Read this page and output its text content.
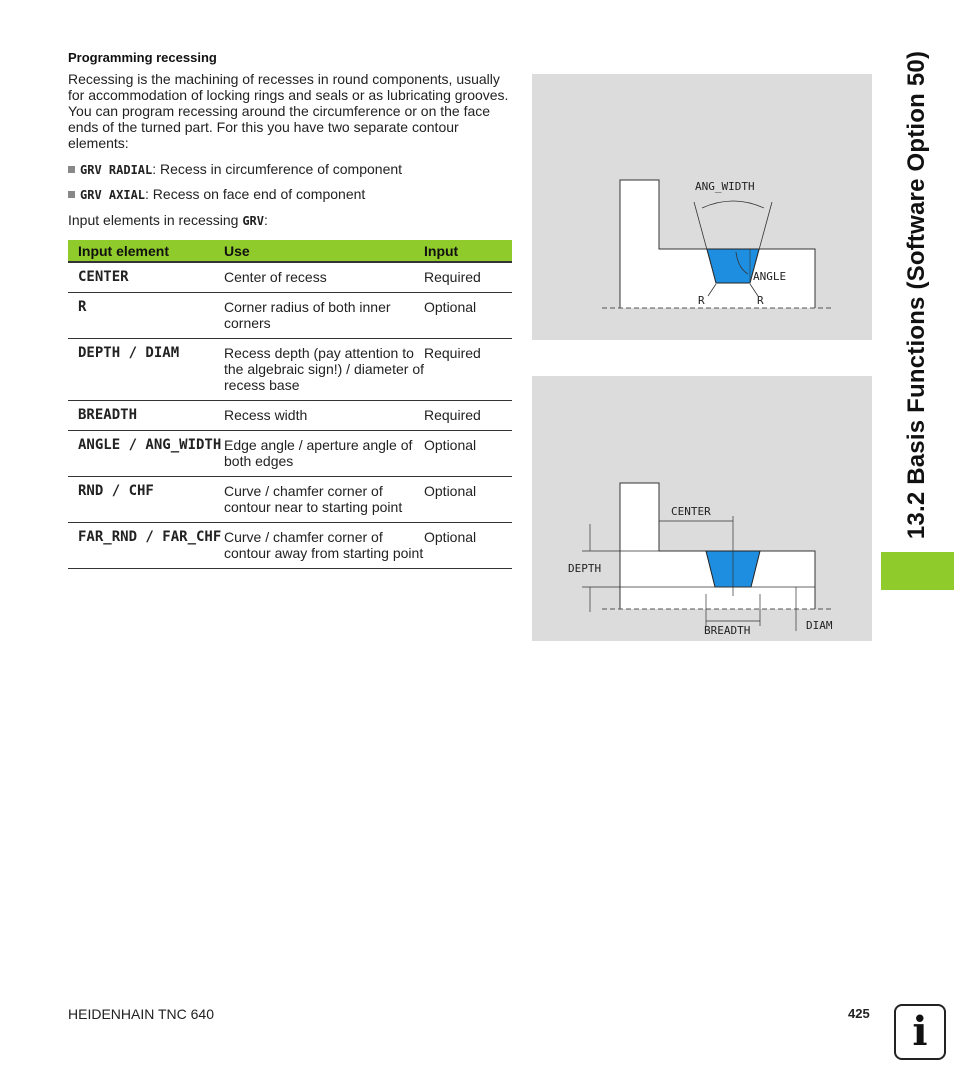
Programming recessing

Recessing is the machining of recesses in round components, usually for accommodation of locking rings and seals or as lubricating grooves. You can program recessing around the circumference or on the face ends of the turned part. For this you have two separate contour elements:

GRV RADIAL: Recess in circumference of component
GRV AXIAL: Recess on face end of component
Input elements in recessing GRV:
Input element	Use	Input
CENTER	Center of recess	Required
R	Corner radius of both inner corners	Optional
DEPTH / DIAM	Recess depth (pay attention to the algebraic sign!) / diameter of recess base	Required
BREADTH	Recess width	Required
ANGLE / ANG_WIDTH	Edge angle / aperture angle of both edges	Optional
RND / CHF	Curve / chamfer corner of contour near to starting point	Optional
FAR_RND / FAR_CHF	Curve / chamfer corner of contour away from starting point	Optional
ANG_WIDTH
ANGLE
R	R
CENTER
DEPTH
BREADTH	DIAM
13.2 Basis Functions (Software Option 50)
HEIDENHAIN TNC 640	425	i
